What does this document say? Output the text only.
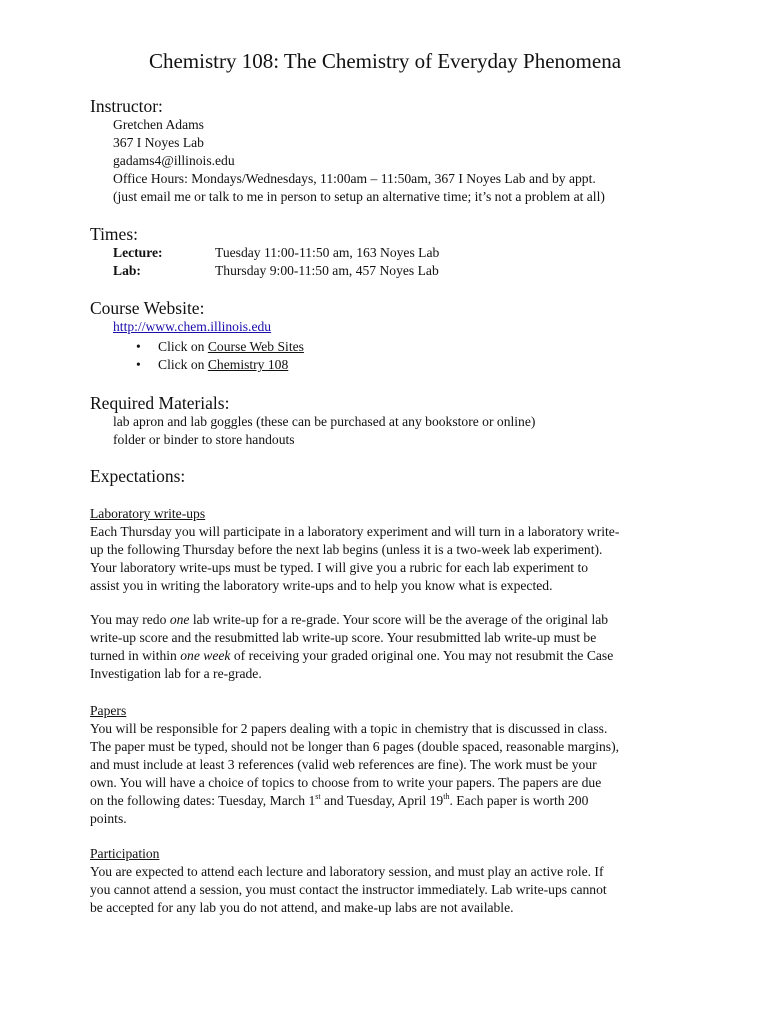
Chemistry 108: The Chemistry of Everyday Phenomena
Instructor:
Gretchen Adams
367 I Noyes Lab
gadams4@illinois.edu
Office Hours: Mondays/Wednesdays, 11:00am – 11:50am, 367 I Noyes Lab and by appt.
(just email me or talk to me in person to setup an alternative time; it’s not a problem at all)
Times:
Lecture:	Tuesday 11:00-11:50 am, 163 Noyes Lab
Lab:	Thursday 9:00-11:50 am, 457 Noyes Lab
Course Website:
http://www.chem.illinois.edu
• Click on Course Web Sites
• Click on Chemistry 108
Required Materials:
lab apron and lab goggles (these can be purchased at any bookstore or online)
folder or binder to store handouts
Expectations:
Laboratory write-ups
Each Thursday you will participate in a laboratory experiment and will turn in a laboratory write-
up the following Thursday before the next lab begins (unless it is a two-week lab experiment).
Your laboratory write-ups must be typed. I will give you a rubric for each lab experiment to
assist you in writing the laboratory write-ups and to help you know what is expected.
You may redo one lab write-up for a re-grade. Your score will be the average of the original lab
write-up score and the resubmitted lab write-up score. Your resubmitted lab write-up must be
turned in within one week of receiving your graded original one. You may not resubmit the Case
Investigation lab for a re-grade.
Papers
You will be responsible for 2 papers dealing with a topic in chemistry that is discussed in class.
The paper must be typed, should not be longer than 6 pages (double spaced, reasonable margins),
and must include at least 3 references (valid web references are fine). The work must be your
own. You will have a choice of topics to choose from to write your papers. The papers are due
on the following dates: Tuesday, March 1st and Tuesday, April 19th. Each paper is worth 200
points.
Participation
You are expected to attend each lecture and laboratory session, and must play an active role. If
you cannot attend a session, you must contact the instructor immediately. Lab write-ups cannot
be accepted for any lab you do not attend, and make-up labs are not available.
